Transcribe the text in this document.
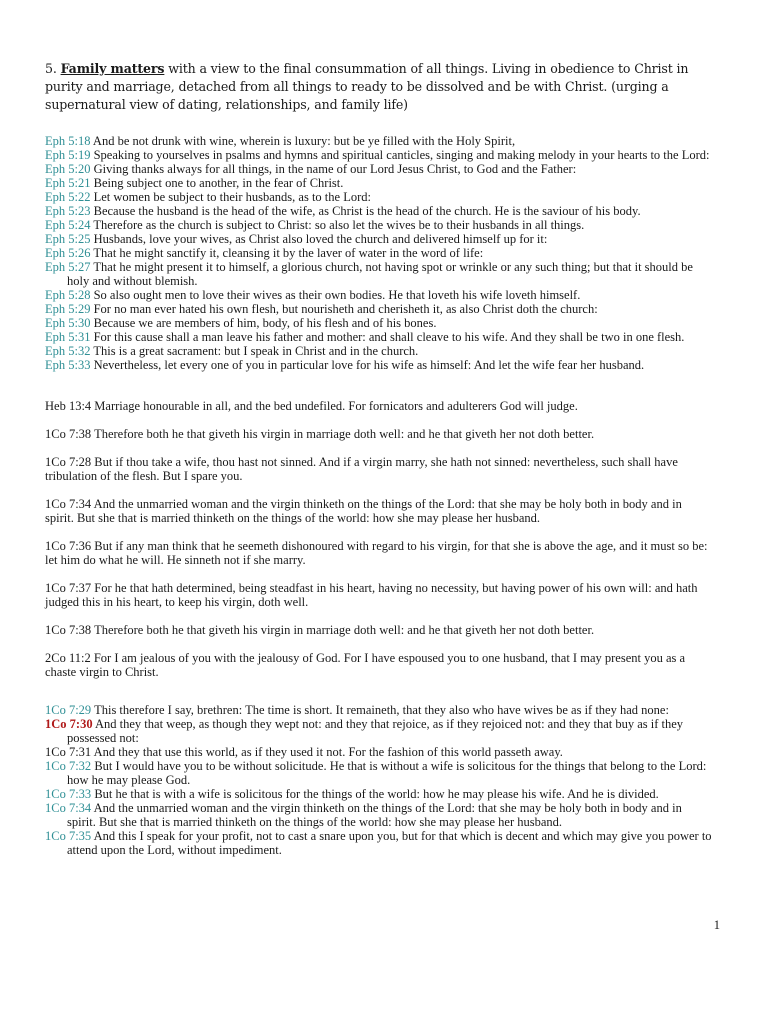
5. Family matters with a view to the final consummation of all things. Living in obedience to Christ in purity and marriage, detached from all things to ready to be dissolved and be with Christ. (urging a supernatural view of dating, relationships, and family life)

Eph 5:18 And be not drunk with wine, wherein is luxury: but be ye filled with the Holy Spirit,

Eph 5:19 Speaking to yourselves in psalms and hymns and spiritual canticles, singing and making melody in your hearts to the Lord:

Eph 5:20 Giving thanks always for all things, in the name of our Lord Jesus Christ, to God and the Father:

Eph 5:21 Being subject one to another, in the fear of Christ.

Eph 5:22 Let women be subject to their husbands, as to the Lord:

Eph 5:23 Because the husband is the head of the wife, as Christ is the head of the church. He is the saviour of his body.

Eph 5:24 Therefore as the church is subject to Christ: so also let the wives be to their husbands in all things.

Eph 5:25 Husbands, love your wives, as Christ also loved the church and delivered himself up for it:

Eph 5:26 That he might sanctify it, cleansing it by the laver of water in the word of life:

Eph 5:27 That he might present it to himself, a glorious church, not having spot or wrinkle or any such thing; but that it should be holy and without blemish.

Eph 5:28 So also ought men to love their wives as their own bodies. He that loveth his wife loveth himself.

Eph 5:29 For no man ever hated his own flesh, but nourisheth and cherisheth it, as also Christ doth the church:

Eph 5:30 Because we are members of him, body, of his flesh and of his bones.

Eph 5:31 For this cause shall a man leave his father and mother: and shall cleave to his wife. And they shall be two in one flesh.

Eph 5:32 This is a great sacrament: but I speak in Christ and in the church.

Eph 5:33 Nevertheless, let every one of you in particular love for his wife as himself: And let the wife fear her husband.

Heb 13:4 Marriage honourable in all, and the bed undefiled. For fornicators and adulterers God will judge.

1Co 7:38 Therefore both he that giveth his virgin in marriage doth well: and he that giveth her not doth better.

1Co 7:28 But if thou take a wife, thou hast not sinned. And if a virgin marry, she hath not sinned: nevertheless, such shall have tribulation of the flesh. But I spare you.

1Co 7:34 And the unmarried woman and the virgin thinketh on the things of the Lord: that she may be holy both in body and in spirit. But she that is married thinketh on the things of the world: how she may please her husband.

1Co 7:36 But if any man think that he seemeth dishonoured with regard to his virgin, for that she is above the age, and it must so be: let him do what he will. He sinneth not if she marry.

1Co 7:37 For he that hath determined, being steadfast in his heart, having no necessity, but having power of his own will: and hath judged this in his heart, to keep his virgin, doth well.

1Co 7:38 Therefore both he that giveth his virgin in marriage doth well: and he that giveth her not doth better.

2Co 11:2 For I am jealous of you with the jealousy of God. For I have espoused you to one husband, that I may present you as a chaste virgin to Christ.

1Co 7:29 This therefore I say, brethren: The time is short. It remaineth, that they also who have wives be as if they had none:

1Co 7:30 And they that weep, as though they wept not: and they that rejoice, as if they rejoiced not: and they that buy as if they possessed not:

1Co 7:31 And they that use this world, as if they used it not. For the fashion of this world passeth away.

1Co 7:32 But I would have you to be without solicitude. He that is without a wife is solicitous for the things that belong to the Lord: how he may please God.

1Co 7:33 But he that is with a wife is solicitous for the things of the world: how he may please his wife. And he is divided.

1Co 7:34 And the unmarried woman and the virgin thinketh on the things of the Lord: that she may be holy both in body and in spirit. But she that is married thinketh on the things of the world: how she may please her husband.

1Co 7:35 And this I speak for your profit, not to cast a snare upon you, but for that which is decent and which may give you power to attend upon the Lord, without impediment.

1
